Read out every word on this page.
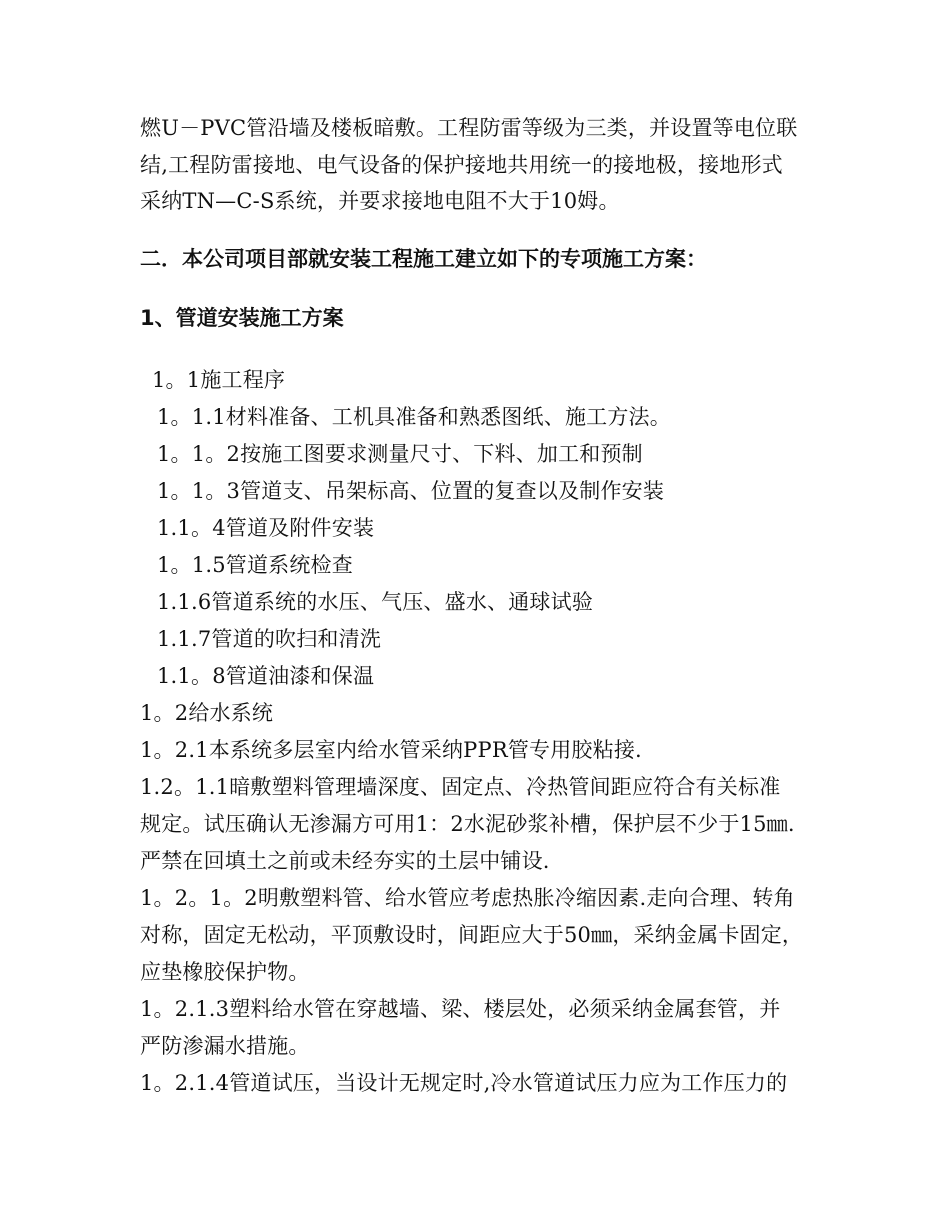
燃U－PVC管沿墙及楼板暗敷。工程防雷等级为三类，并设置等电位联
结,工程防雷接地、电气设备的保护接地共用统一的接地极，接地形式
采纳TN—C-S系统，并要求接地电阻不大于10姆。
二．本公司项目部就安装工程施工建立如下的专项施工方案：
1、管道安装施工方案
1。1施工程序
1。1.1材料准备、工机具准备和熟悉图纸、施工方法。
1。1。2按施工图要求测量尺寸、下料、加工和预制
1。1。3管道支、吊架标高、位置的复查以及制作安装
1.1。4管道及附件安装
1。1.5管道系统检查
1.1.6管道系统的水压、气压、盛水、通球试验
1.1.7管道的吹扫和清洗
1.1。8管道油漆和保温
1。2给水系统
1。2.1本系统多层室内给水管采纳PPR管专用胶粘接.
1.2。1.1暗敷塑料管理墙深度、固定点、冷热管间距应符合有关标准
规定。试压确认无渗漏方可用1：2水泥砂浆补槽，保护层不少于15㎜.
严禁在回填土之前或未经夯实的土层中铺设.
1。2。1。2明敷塑料管、给水管应考虑热胀冷缩因素.走向合理、转角
对称，固定无松动，平顶敷设时，间距应大于50㎜，采纳金属卡固定，
应垫橡胶保护物。
1。2.1.3塑料给水管在穿越墙、梁、楼层处，必须采纳金属套管，并
严防渗漏水措施。
1。2.1.4管道试压，当设计无规定时,冷水管道试压力应为工作压力的
